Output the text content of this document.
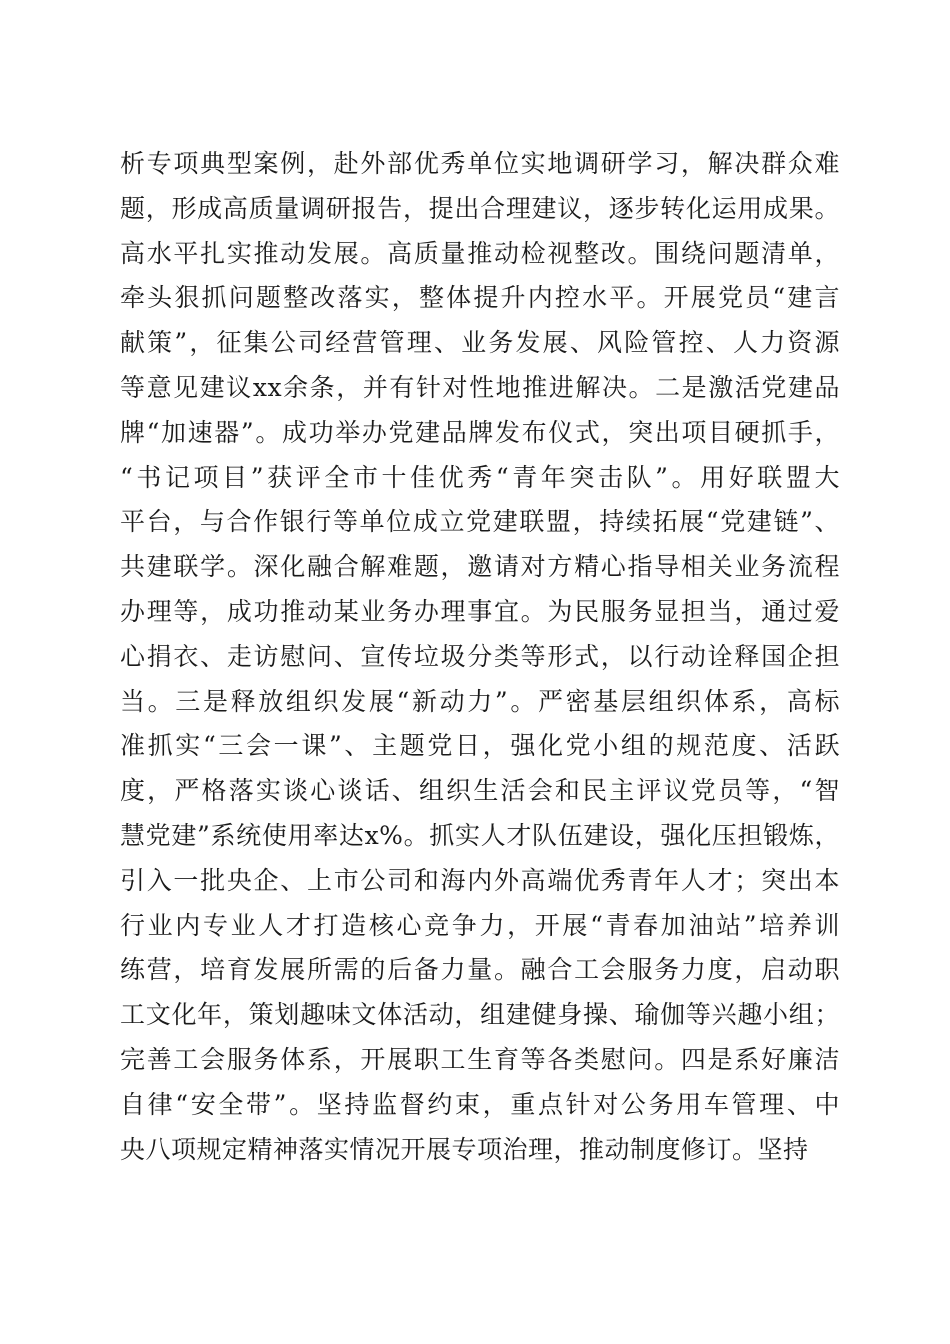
析专项典型案例，赴外部优秀单位实地调研学习，解决群众难
题，形成高质量调研报告，提出合理建议，逐步转化运用成果。
高水平扎实推动发展。高质量推动检视整改。围绕问题清单，
牵头狠抓问题整改落实，整体提升内控水平。开展党员“建言
献策”，征集公司经营管理、业务发展、风险管控、人力资源
等意见建议xx余条，并有针对性地推进解决。二是激活党建品
牌“加速器”。成功举办党建品牌发布仪式，突出项目硬抓手，
“书记项目”获评全市十佳优秀“青年突击队”。用好联盟大
平台，与合作银行等单位成立党建联盟，持续拓展“党建链”、
共建联学。深化融合解难题，邀请对方精心指导相关业务流程
办理等，成功推动某业务办理事宜。为民服务显担当，通过爱
心捐衣、走访慰问、宣传垃圾分类等形式，以行动诠释国企担
当。三是释放组织发展“新动力”。严密基层组织体系，高标
准抓实“三会一课”、主题党日，强化党小组的规范度、活跃
度，严格落实谈心谈话、组织生活会和民主评议党员等，“智
慧党建”系统使用率达x%。抓实人才队伍建设，强化压担锻炼，
引入一批央企、上市公司和海内外高端优秀青年人才；突出本
行业内专业人才打造核心竞争力，开展“青春加油站”培养训
练营，培育发展所需的后备力量。融合工会服务力度，启动职
工文化年，策划趣味文体活动，组建健身操、瑜伽等兴趣小组；
完善工会服务体系，开展职工生育等各类慰问。四是系好廉洁
自律“安全带”。坚持监督约束，重点针对公务用车管理、中
央八项规定精神落实情况开展专项治理，推动制度修订。坚持
